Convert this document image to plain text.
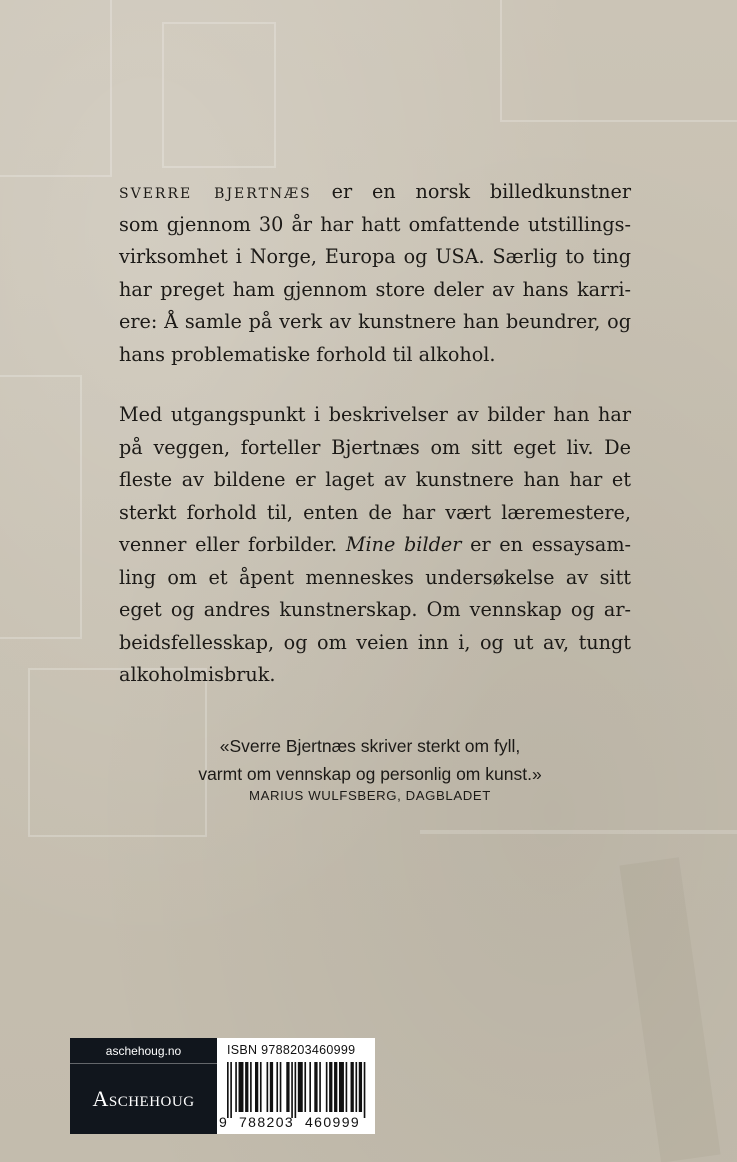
sverre bjertnæs er en norsk billedkunstner
som gjennom 30 år har hatt omfattende utstillings-
virksomhet i Norge, Europa og USA. Særlig to ting
har preget ham gjennom store deler av hans karri-
ere: Å samle på verk av kunstnere han beundrer, og
hans problematiske forhold til alkohol.
Med utgangspunkt i beskrivelser av bilder han har
på veggen, forteller Bjertnæs om sitt eget liv. De
fleste av bildene er laget av kunstnere han har et
sterkt forhold til, enten de har vært læremestere,
venner eller forbilder. Mine bilder er en essaysam-
ling om et åpent menneskes undersøkelse av sitt
eget og andres kunstnerskap. Om vennskap og ar-
beidsfellesskap, og om veien inn i, og ut av, tungt
alkoholmisbruk.
«Sverre Bjertnæs skriver sterkt om fyll,
varmt om vennskap og personlig om kunst.»
MARIUS WULFSBERG, DAGBLADET
aschehoug.no
Aschehoug
ISBN 9788203460999
9 788203 460999
